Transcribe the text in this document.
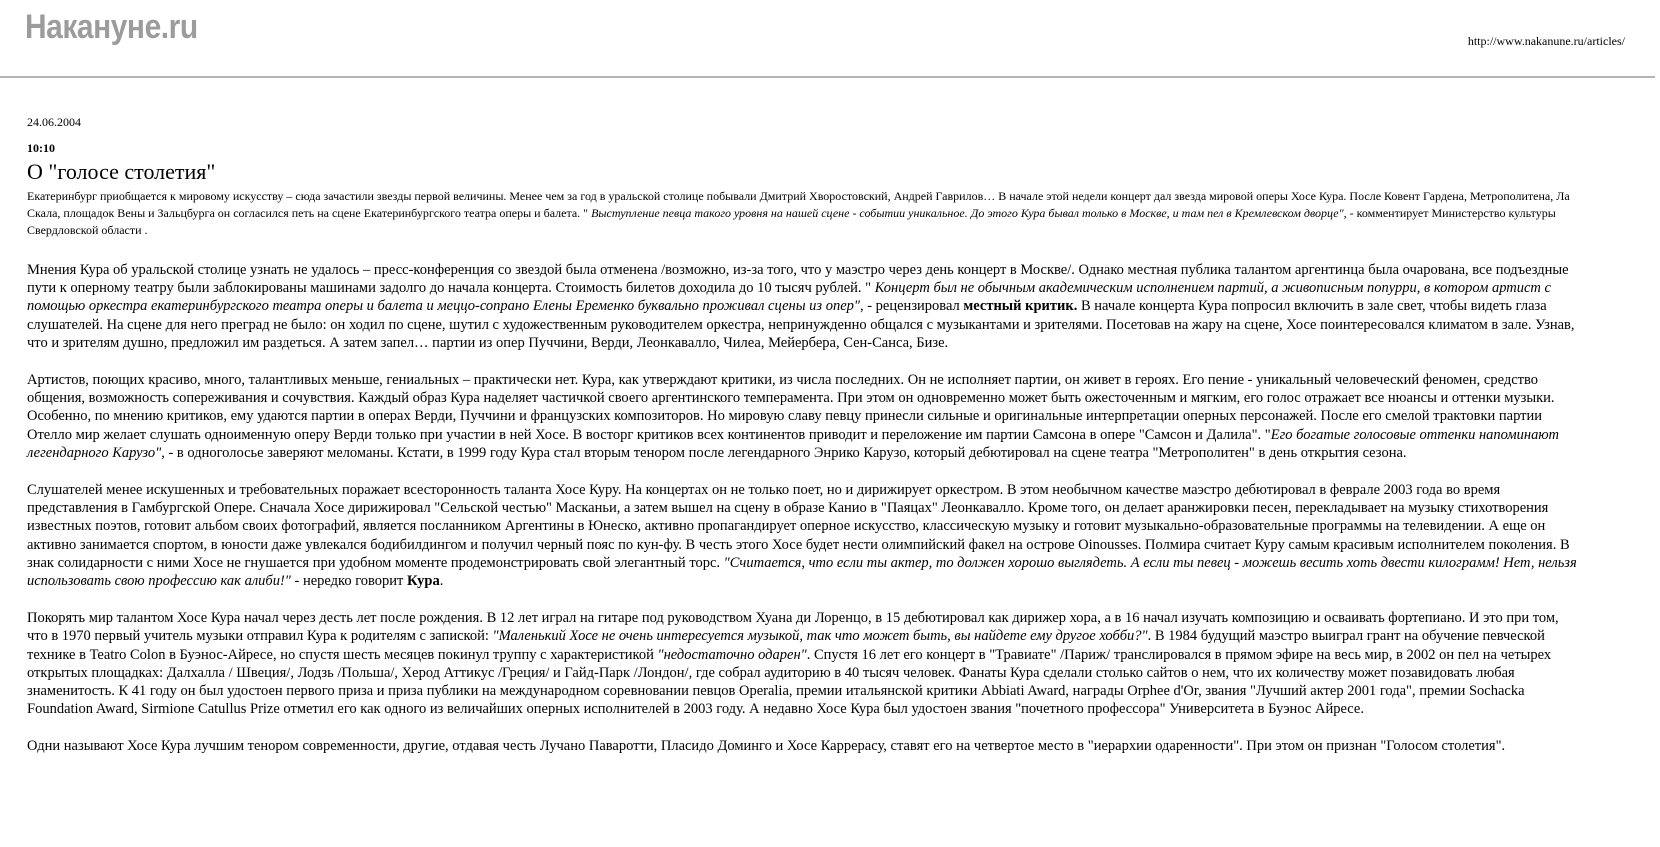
Накануне.ru	http://www.nakanune.ru/articles/
24.06.2004
10:10
О "голосе столетия"

Екатеринбург приобщается к мировому искусству – сюда зачастили звезды первой величины. Менее чем за год в уральской столице побывали Дмитрий Хворостовский, Андрей Гаврилов… В начале этой недели концерт дал звезда мировой оперы Хосе Кура. После Ковент Гардена, Метрополитена, Ла Скала, площадок Вены и Зальцбурга он согласился петь на сцене Екатеринбургского театра оперы и балета. " Выступление певца такого уровня на нашей сцене - событии уникальное. До этого Кура бывал только в Москве, и там пел в Кремлевском дворце", - комментирует Министерство культуры Свердловской области .

Мнения Кура об уральской столице узнать не удалось – пресс-конференция со звездой была отменена /возможно, из-за того, что у маэстро через день концерт в Москве/. Однако местная публика талантом аргентинца была очарована, все подъездные пути к оперному театру были заблокированы машинами задолго до начала концерта. Стоимость билетов доходила до 10 тысяч рублей. " Концерт был не обычным академическим исполнением партий, а живописным попурри, в котором артист с помощью оркестра екатеринбургского театра оперы и балета и меццо-сопрано Елены Еременко буквально проживал сцены из опер", - рецензировал местный критик. В начале концерта Кура попросил включить в зале свет, чтобы видеть глаза слушателей. На сцене для него преград не было: он ходил по сцене, шутил с художественным руководителем оркестра, непринужденно общался с музыкантами и зрителями. Посетовав на жару на сцене, Хосе поинтересовался климатом в зале. Узнав, что и зрителям душно, предложил им раздеться. А затем запел… партии из опер Пуччини, Верди, Леонкавалло, Чилеа, Мейербера, Сен-Санса, Бизе.

Артистов, поющих красиво, много, талантливых меньше, гениальных – практически нет. Кура, как утверждают критики, из числа последних. Он не исполняет партии, он живет в героях. Его пение - уникальный человеческий феномен, средство общения, возможность сопереживания и сочувствия. Каждый образ Кура наделяет частичкой своего аргентинского темперамента. При этом он одновременно может быть ожесточенным и мягким, его голос отражает все нюансы и оттенки музыки. Особенно, по мнению критиков, ему удаются партии в операх Верди, Пуччини и французских композиторов. Но мировую славу певцу принесли сильные и оригинальные интерпретации оперных персонажей. После его смелой трактовки партии Отелло мир желает слушать одноименную оперу Верди только при участии в ней Хосе. В восторг критиков всех континентов приводит и переложение им партии Самсона в опере "Самсон и Далила". "Его богатые голосовые оттенки напоминают легендарного Карузо", - в одноголосье заверяют меломаны. Кстати, в 1999 году Кура стал вторым тенором после легендарного Энрико Карузо, который дебютировал на сцене театра "Метрополитен" в день открытия сезона.

Слушателей менее искушенных и требовательных поражает всесторонность таланта Хосе Куру. На концертах он не только поет, но и дирижирует оркестром. В этом необычном качестве маэстро дебютировал в феврале 2003 года во время представления в Гамбургской Опере. Сначала Хосе дирижировал "Сельской честью" Масканьи, а затем вышел на сцену в образе Канио в "Паяцах" Леонкавалло. Кроме того, он делает аранжировки песен, перекладывает на музыку стихотворения известных поэтов, готовит альбом своих фотографий, является посланником Аргентины в Юнеско, активно пропагандирует оперное искусство, классическую музыку и готовит музыкально-образовательные программы на телевидении. А еще он активно занимается спортом, в юности даже увлекался бодибилдингом и получил черный пояс по кун-фу. В честь этого Хосе будет нести олимпийский факел на острове Oinousses. Полмира считает Куру самым красивым исполнителем поколения. В знак солидарности с ними Хосе не гнушается при удобном моменте продемонстрировать свой элегантный торс. "Считается, что если ты актер, то должен хорошо выглядеть. А если ты певец - можешь весить хоть двести килограмм! Нет, нельзя использовать свою профессию как алиби!" - нередко говорит Кура.

Покорять мир талантом Хосе Кура начал через десть лет после рождения. В 12 лет играл на гитаре под руководством Хуана ди Лоренцо, в 15 дебютировал как дирижер хора, а в 16 начал изучать композицию и осваивать фортепиано. И это при том, что в 1970 первый учитель музыки отправил Кура к родителям с запиской: "Маленький Хосе не очень интересуется музыкой, так что может быть, вы найдете ему другое хобби?". В 1984 будущий маэстро выиграл грант на обучение певческой технике в Teatro Colon в Буэнос-Айресе, но спустя шесть месяцев покинул труппу с характеристикой "недостаточно одарен". Спустя 16 лет его концерт в "Травиате" /Париж/ транслировался в прямом эфире на весь мир, в 2002 он пел на четырех открытых площадках: Далхалла / Швеция/, Лодзь /Польша/, Херод Аттикус /Греция/ и Гайд-Парк /Лондон/, где собрал аудиторию в 40 тысяч человек. Фанаты Кура сделали столько сайтов о нем, что их количеству может позавидовать любая знаменитость. К 41 году он был удостоен первого приза и приза публики на международном соревновании певцов Operalia, премии итальянской критики Abbiati Award, награды Orphee d'Or, звания "Лучший актер 2001 года", премии Sochacka Foundation Award, Sirmione Catullus Prize отметил его как одного из величайших оперных исполнителей в 2003 году. А недавно Хосе Кура был удостоен звания "почетного профессора" Университета в Буэнос Айресе.

Одни называют Хосе Кура лучшим тенором современности, другие, отдавая честь Лучано Паваротти, Пласидо Доминго и Хосе Каррерасу, ставят его на четвертое место в "иерархии одаренности". При этом он признан "Голосом столетия".
